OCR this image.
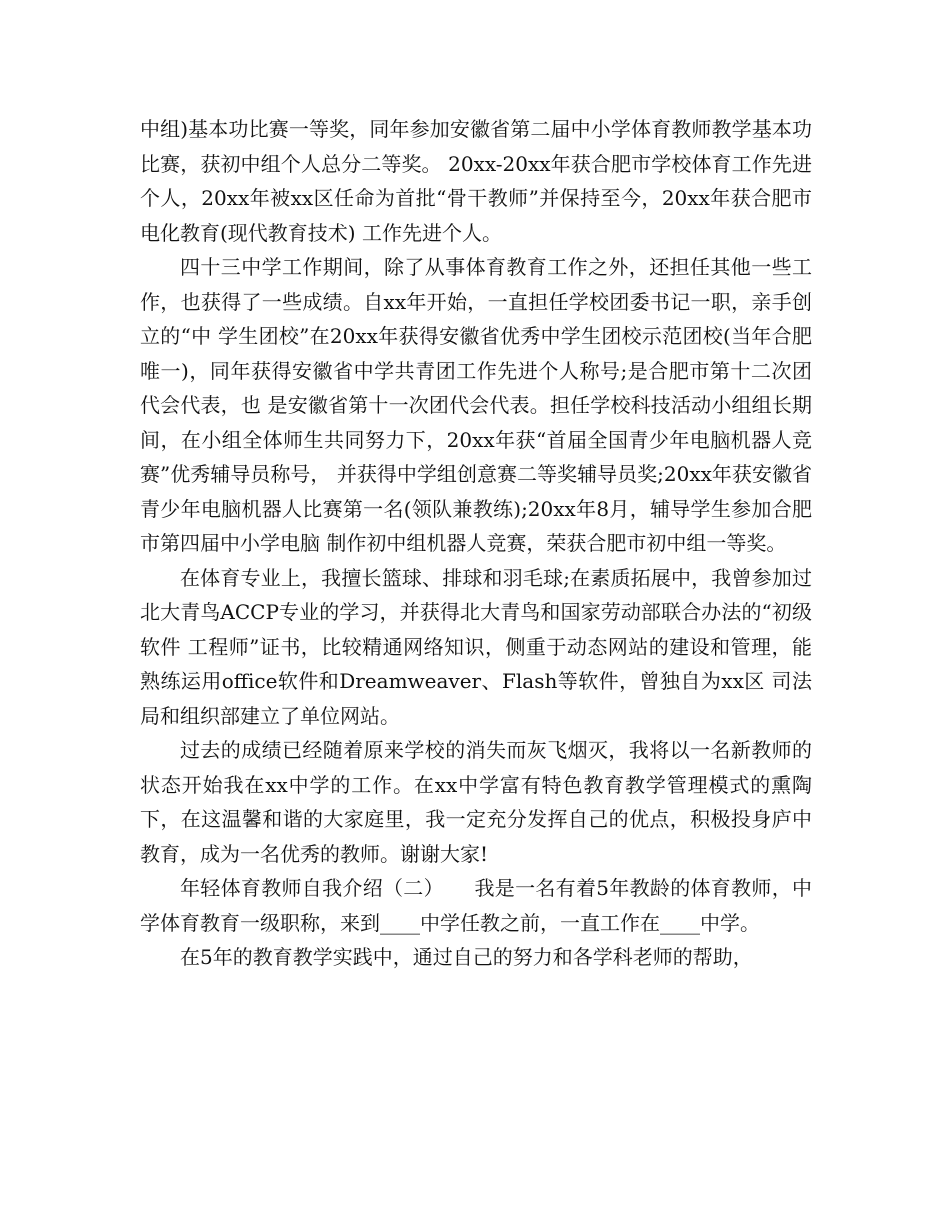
中组)基本功比赛一等奖，同年参加安徽省第二届中小学体育教师教学基本功比赛，获初中组个人总分二等奖。 20xx-20xx年获合肥市学校体育工作先进个人，20xx年被xx区任命为首批“骨干教师”并保持至今，20xx年获合肥市电化教育(现代教育技术) 工作先进个人。

四十三中学工作期间，除了从事体育教育工作之外，还担任其他一些工作，也获得了一些成绩。自xx年开始，一直担任学校团委书记一职，亲手创立的“中 学生团校”在20xx年获得安徽省优秀中学生团校示范团校(当年合肥唯一)，同年获得安徽省中学共青团工作先进个人称号;是合肥市第十二次团代会代表，也 是安徽省第十一次团代会代表。担任学校科技活动小组组长期间，在小组全体师生共同努力下，20xx年获“首届全国青少年电脑机器人竞赛”优秀辅导员称号， 并获得中学组创意赛二等奖辅导员奖;20xx年获安徽省青少年电脑机器人比赛第一名(领队兼教练);20xx年8月，辅导学生参加合肥市第四届中小学电脑 制作初中组机器人竞赛，荣获合肥市初中组一等奖。

在体育专业上，我擅长篮球、排球和羽毛球;在素质拓展中，我曾参加过北大青鸟ACCP专业的学习，并获得北大青鸟和国家劳动部联合办法的“初级软件 工程师”证书，比较精通网络知识，侧重于动态网站的建设和管理，能熟练运用office软件和Dreamweaver、Flash等软件，曾独自为xx区 司法局和组织部建立了单位网站。

过去的成绩已经随着原来学校的消失而灰飞烟灭，我将以一名新教师的状态开始我在xx中学的工作。在xx中学富有特色教育教学管理模式的熏陶下，在这温馨和谐的大家庭里，我一定充分发挥自己的优点，积极投身庐中教育，成为一名优秀的教师。谢谢大家!

年轻体育教师自我介绍（二）　　我是一名有着5年教龄的体育教师，中学体育教育一级职称，来到____中学任教之前，一直工作在____中学。

在5年的教育教学实践中，通过自己的努力和各学科老师的帮助，
